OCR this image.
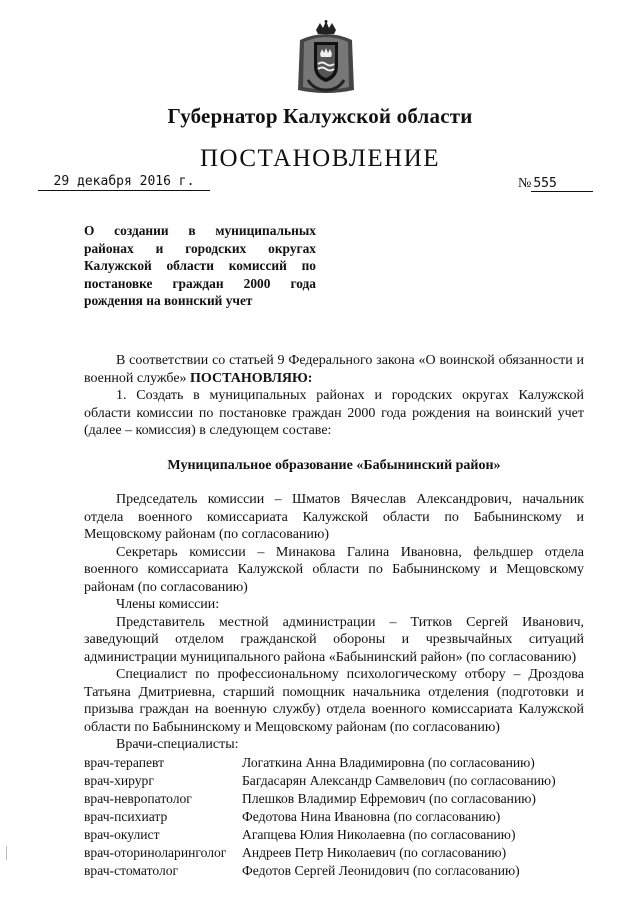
Губернатор Калужской области
ПОСТАНОВЛЕНИЕ
29 декабря 2016 г.	№ 555
О создании в муниципальных районах и городских округах Калужской области комиссий по постановке граждан 2000 года рождения на воинский учет

В соответствии со статьей 9 Федерального закона «О воинской обязанности и военной службе» ПОСТАНОВЛЯЮ:

1. Создать в муниципальных районах и городских округах Калужской области комиссии по постановке граждан 2000 года рождения на воинский учет (далее – комиссия) в следующем составе:

Муниципальное образование «Бабынинский район»

Председатель комиссии – Шматов Вячеслав Александрович, начальник отдела военного комиссариата Калужской области по Бабынинскому и Мещовскому районам (по согласованию)

Секретарь комиссии – Минакова Галина Ивановна, фельдшер отдела военного комиссариата Калужской области по Бабынинскому и Мещовскому районам (по согласованию)

Члены комиссии:

Представитель местной администрации – Титков Сергей Иванович, заведующий отделом гражданской обороны и чрезвычайных ситуаций администрации муниципального района «Бабынинский район» (по согласованию)

Специалист по профессиональному психологическому отбору – Дроздова Татьяна Дмитриевна, старший помощник начальника отделения (подготовки и призыва граждан на военную службу) отдела военного комиссариата Калужской области по Бабынинскому и Мещовскому районам (по согласованию)

Врачи-специалисты:

врач-терапевт	Логаткина Анна Владимировна (по согласованию)
врач-хирург	Багдасарян Александр Самвелович (по согласованию)
врач-невропатолог	Плешков Владимир Ефремович (по согласованию)
врач-психиатр	Федотова Нина Ивановна (по согласованию)
врач-окулист	Агапцева Юлия Николаевна (по согласованию)
врач-оториноларинголог	Андреев Петр Николаевич (по согласованию)
врач-стоматолог	Федотов Сергей Леонидович (по согласованию)
